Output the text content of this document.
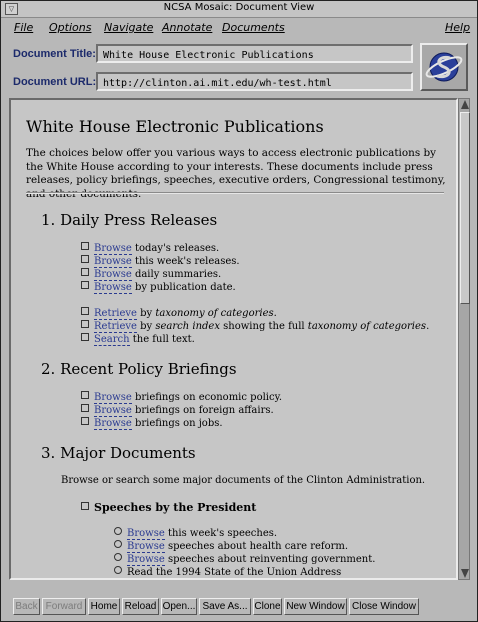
▽	NCSA Mosaic: Document View
File Options Navigate Annotate Documents	Help
Document Title: White House Electronic Publications
Document URL: http://clinton.ai.mit.edu/wh-test.html
White House Electronic Publications
The choices below offer you various ways to access electronic publications by the White House according to your interests. These documents include press releases, policy briefings, speeches, executive orders, Congressional testimony, and other documents.
1. Daily Press Releases
Browse today's releases.
Browse this week's releases.
Browse daily summaries.
Browse by publication date.
Retrieve by taxonomy of categories.
Retrieve by search index showing the full taxonomy of categories.
Search the full text.
2. Recent Policy Briefings
Browse briefings on economic policy.
Browse briefings on foreign affairs.
Browse briefings on jobs.
3. Major Documents
Browse or search some major documents of the Clinton Administration.
Speeches by the President
Browse this week's speeches.
Browse speeches about health care reform.
Browse speeches about reinventing government.
Read the 1994 State of the Union Address
Back Forward Home Reload Open... Save As... Clone New Window Close Window
